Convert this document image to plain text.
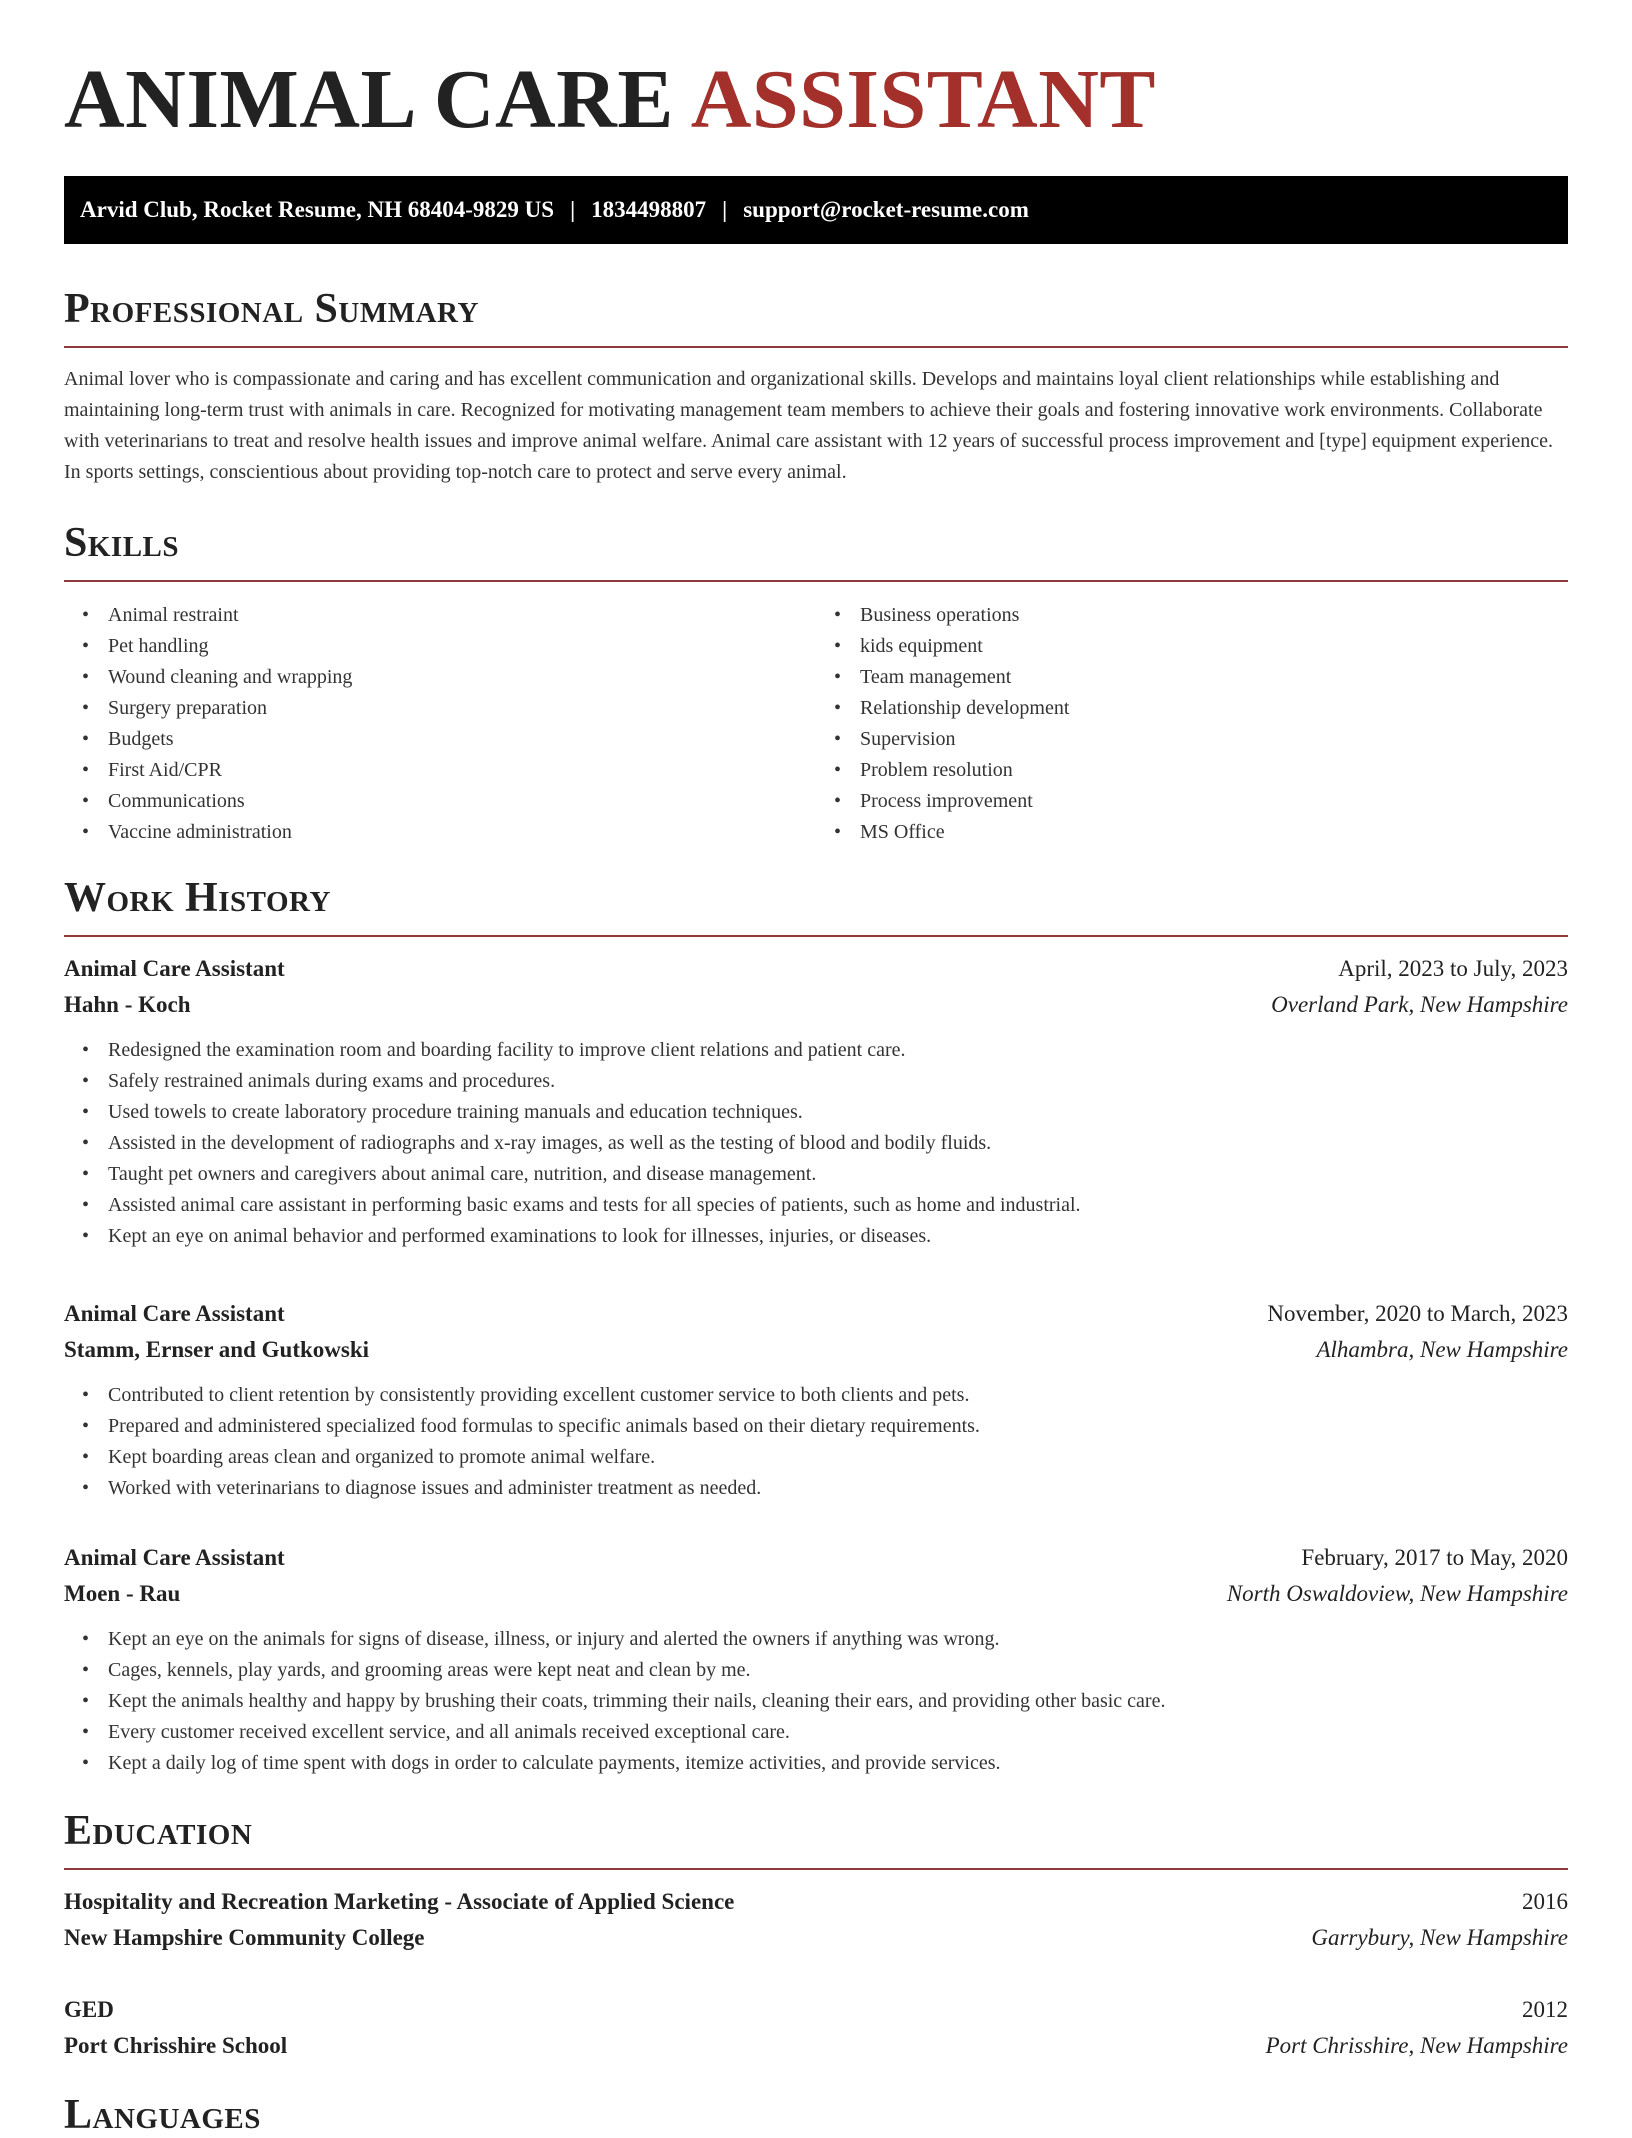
ANIMAL CARE ASSISTANT
Arvid Club, Rocket Resume, NH 68404-9829 US | 1834498807 | support@rocket-resume.com
Professional Summary

Animal lover who is compassionate and caring and has excellent communication and organizational skills. Develops and maintains loyal client relationships while establishing and maintaining long-term trust with animals in care. Recognized for motivating management team members to achieve their goals and fostering innovative work environments. Collaborate with veterinarians to treat and resolve health issues and improve animal welfare. Animal care assistant with 12 years of successful process improvement and [type] equipment experience. In sports settings, conscientious about providing top-notch care to protect and serve every animal.

Skills
• Animal restraint
• Pet handling
• Wound cleaning and wrapping
• Surgery preparation
• Budgets
• First Aid/CPR
• Communications
• Vaccine administration
• Business operations
• kids equipment
• Team management
• Relationship development
• Supervision
• Problem resolution
• Process improvement
• MS Office
Work History
Animal Care Assistant	April, 2023 to July, 2023
Hahn - Koch	Overland Park, New Hampshire
• Redesigned the examination room and boarding facility to improve client relations and patient care.
• Safely restrained animals during exams and procedures.
• Used towels to create laboratory procedure training manuals and education techniques.
• Assisted in the development of radiographs and x-ray images, as well as the testing of blood and bodily fluids.
• Taught pet owners and caregivers about animal care, nutrition, and disease management.
• Assisted animal care assistant in performing basic exams and tests for all species of patients, such as home and industrial.
• Kept an eye on animal behavior and performed examinations to look for illnesses, injuries, or diseases.
Animal Care Assistant	November, 2020 to March, 2023
Stamm, Ernser and Gutkowski	Alhambra, New Hampshire
• Contributed to client retention by consistently providing excellent customer service to both clients and pets.
• Prepared and administered specialized food formulas to specific animals based on their dietary requirements.
• Kept boarding areas clean and organized to promote animal welfare.
• Worked with veterinarians to diagnose issues and administer treatment as needed.
Animal Care Assistant	February, 2017 to May, 2020
Moen - Rau	North Oswaldoview, New Hampshire
• Kept an eye on the animals for signs of disease, illness, or injury and alerted the owners if anything was wrong.
• Cages, kennels, play yards, and grooming areas were kept neat and clean by me.
• Kept the animals healthy and happy by brushing their coats, trimming their nails, cleaning their ears, and providing other basic care.
• Every customer received excellent service, and all animals received exceptional care.
• Kept a daily log of time spent with dogs in order to calculate payments, itemize activities, and provide services.
Education
Hospitality and Recreation Marketing - Associate of Applied Science	2016
New Hampshire Community College	Garrybury, New Hampshire
GED	2012
Port Chrisshire School	Port Chrisshire, New Hampshire
Languages
